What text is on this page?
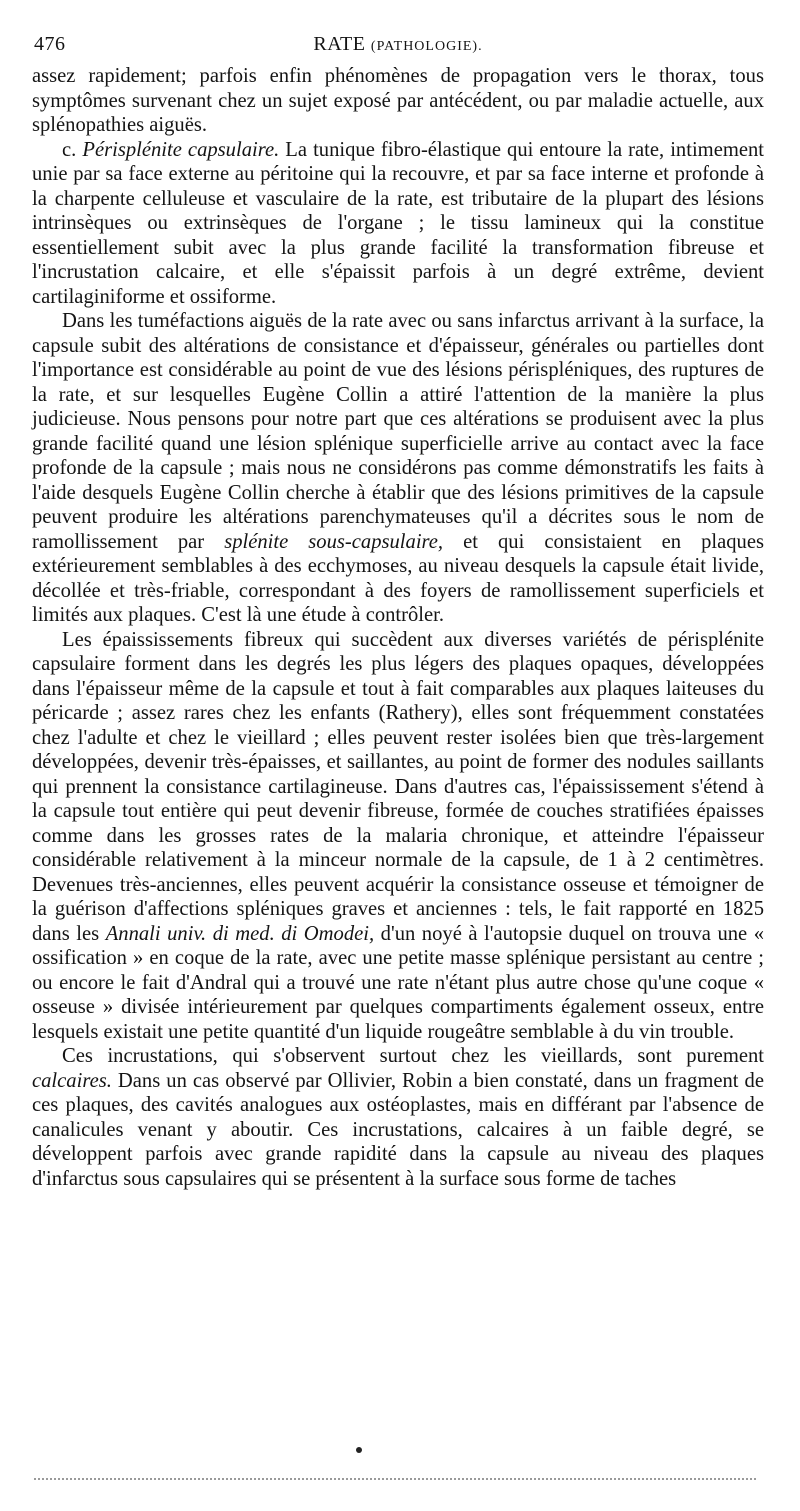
476	RATE (PATHOLOGIE).

assez rapidement; parfois enfin phénomènes de propagation vers le thorax, tous symptômes survenant chez un sujet exposé par antécédent, ou par maladie actuelle, aux splénopathies aiguës.

c. Périsplénite capsulaire. La tunique fibro-élastique qui entoure la rate, intimement unie par sa face externe au péritoine qui la recouvre, et par sa face interne et profonde à la charpente celluleuse et vasculaire de la rate, est tributaire de la plupart des lésions intrinsèques ou extrinsèques de l'organe ; le tissu lamineux qui la constitue essentiellement subit avec la plus grande facilité la transformation fibreuse et l'incrustation calcaire, et elle s'épaissit parfois à un degré extrême, devient cartilaginiforme et ossiforme.

Dans les tuméfactions aiguës de la rate avec ou sans infarctus arrivant à la surface, la capsule subit des altérations de consistance et d'épaisseur, générales ou partielles dont l'importance est considérable au point de vue des lésions périspléniques, des ruptures de la rate, et sur lesquelles Eugène Collin a attiré l'attention de la manière la plus judicieuse. Nous pensons pour notre part que ces altérations se produisent avec la plus grande facilité quand une lésion splénique superficielle arrive au contact avec la face profonde de la capsule ; mais nous ne considérons pas comme démonstratifs les faits à l'aide desquels Eugène Collin cherche à établir que des lésions primitives de la capsule peuvent produire les altérations parenchymateuses qu'il a décrites sous le nom de ramollissement par splénite sous-capsulaire, et qui consistaient en plaques extérieurement semblables à des ecchymoses, au niveau desquels la capsule était livide, décollée et très-friable, correspondant à des foyers de ramollissement superficiels et limités aux plaques. C'est là une étude à contrôler.

Les épaississements fibreux qui succèdent aux diverses variétés de périsplénite capsulaire forment dans les degrés les plus légers des plaques opaques, développées dans l'épaisseur même de la capsule et tout à fait comparables aux plaques laiteuses du péricarde ; assez rares chez les enfants (Rathery), elles sont fréquemment constatées chez l'adulte et chez le vieillard ; elles peuvent rester isolées bien que très-largement développées, devenir très-épaisses, et saillantes, au point de former des nodules saillants qui prennent la consistance cartilagineuse. Dans d'autres cas, l'épaississement s'étend à la capsule tout entière qui peut devenir fibreuse, formée de couches stratifiées épaisses comme dans les grosses rates de la malaria chronique, et atteindre l'épaisseur considérable relativement à la minceur normale de la capsule, de 1 à 2 centimètres. Devenues très-anciennes, elles peuvent acquérir la consistance osseuse et témoigner de la guérison d'affections spléniques graves et anciennes : tels, le fait rapporté en 1825 dans les Annali univ. di med. di Omodei, d'un noyé à l'autopsie duquel on trouva une « ossification » en coque de la rate, avec une petite masse splénique persistant au centre ; ou encore le fait d'Andral qui a trouvé une rate n'étant plus autre chose qu'une coque « osseuse » divisée intérieurement par quelques compartiments également osseux, entre lesquels existait une petite quantité d'un liquide rougeâtre semblable à du vin trouble.

Ces incrustations, qui s'observent surtout chez les vieillards, sont purement calcaires. Dans un cas observé par Ollivier, Robin a bien constaté, dans un fragment de ces plaques, des cavités analogues aux ostéoplastes, mais en différant par l'absence de canalicules venant y aboutir. Ces incrustations, calcaires à un faible degré, se développent parfois avec grande rapidité dans la capsule au niveau des plaques d'infarctus sous capsulaires qui se présentent à la surface sous forme de taches
